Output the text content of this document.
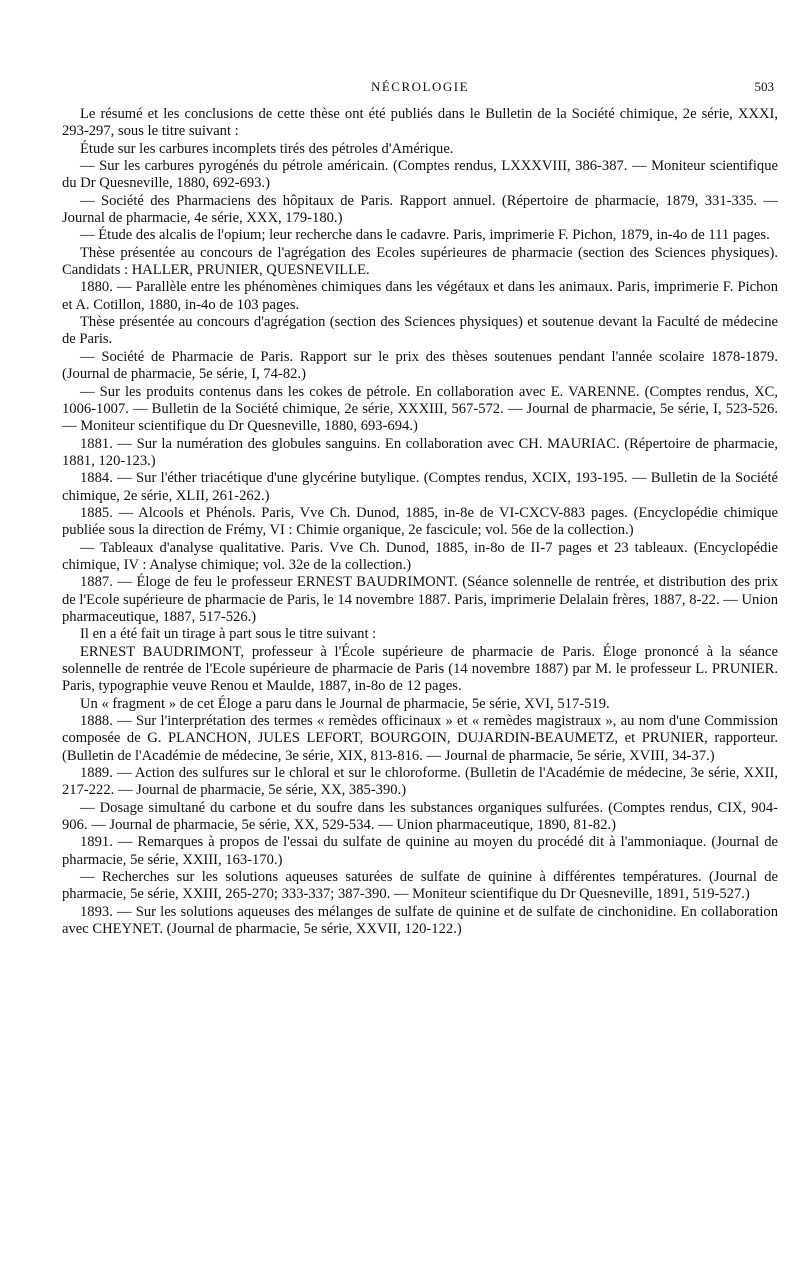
NÉCROLOGIE	503

Le résumé et les conclusions de cette thèse ont été publiés dans le Bulletin de la Société chimique, 2e série, XXXI, 293-297, sous le titre suivant :

Étude sur les carbures incomplets tirés des pétroles d'Amérique.

— Sur les carbures pyrogénés du pétrole américain. (Comptes rendus, LXXXVIII, 386-387. — Moniteur scientifique du Dr Quesneville, 1880, 692-693.)

— Société des Pharmaciens des hôpitaux de Paris. Rapport annuel. (Répertoire de pharmacie, 1879, 331-335. — Journal de pharmacie, 4e série, XXX, 179-180.)

— Étude des alcalis de l'opium; leur recherche dans le cadavre. Paris, imprimerie F. Pichon, 1879, in-4o de 111 pages.

Thèse présentée au concours de l'agrégation des Ecoles supérieures de pharmacie (section des Sciences physiques). Candidats : HALLER, PRUNIER, QUESNEVILLE.

1880. — Parallèle entre les phénomènes chimiques dans les végétaux et dans les animaux. Paris, imprimerie F. Pichon et A. Cotillon, 1880, in-4o de 103 pages.

Thèse présentée au concours d'agrégation (section des Sciences physiques) et soutenue devant la Faculté de médecine de Paris.

— Société de Pharmacie de Paris. Rapport sur le prix des thèses soutenues pendant l'année scolaire 1878-1879. (Journal de pharmacie, 5e série, I, 74-82.)

— Sur les produits contenus dans les cokes de pétrole. En collaboration avec E. VARENNE. (Comptes rendus, XC, 1006-1007. — Bulletin de la Société chimique, 2e série, XXXIII, 567-572. — Journal de pharmacie, 5e série, I, 523-526. — Moniteur scientifique du Dr Quesneville, 1880, 693-694.)

1881. — Sur la numération des globules sanguins. En collaboration avec CH. MAURIAC. (Répertoire de pharmacie, 1881, 120-123.)

1884. — Sur l'éther triacétique d'une glycérine butylique. (Comptes rendus, XCIX, 193-195. — Bulletin de la Société chimique, 2e série, XLII, 261-262.)

1885. — Alcools et Phénols. Paris, Vve Ch. Dunod, 1885, in-8e de VI-CXCV-883 pages. (Encyclopédie chimique publiée sous la direction de Frémy, VI : Chimie organique, 2e fascicule; vol. 56e de la collection.)

— Tableaux d'analyse qualitative. Paris. Vve Ch. Dunod, 1885, in-8o de II-7 pages et 23 tableaux. (Encyclopédie chimique, IV : Analyse chimique; vol. 32e de la collection.)

1887. — Éloge de feu le professeur ERNEST BAUDRIMONT. (Séance solennelle de rentrée, et distribution des prix de l'Ecole supérieure de pharmacie de Paris, le 14 novembre 1887. Paris, imprimerie Delalain frères, 1887, 8-22. — Union pharmaceutique, 1887, 517-526.)

Il en a été fait un tirage à part sous le titre suivant :

ERNEST BAUDRIMONT, professeur à l'École supérieure de pharmacie de Paris. Éloge prononcé à la séance solennelle de rentrée de l'Ecole supérieure de pharmacie de Paris (14 novembre 1887) par M. le professeur L. PRUNIER. Paris, typographie veuve Renou et Maulde, 1887, in-8o de 12 pages.

Un « fragment » de cet Éloge a paru dans le Journal de pharmacie, 5e série, XVI, 517-519.

1888. — Sur l'interprétation des termes « remèdes officinaux » et « remèdes magistraux », au nom d'une Commission composée de G. PLANCHON, JULES LEFORT, BOURGOIN, DUJARDIN-BEAUMETZ, et PRUNIER, rapporteur. (Bulletin de l'Académie de médecine, 3e série, XIX, 813-816. — Journal de pharmacie, 5e série, XVIII, 34-37.)

1889. — Action des sulfures sur le chloral et sur le chloroforme. (Bulletin de l'Académie de médecine, 3e série, XXII, 217-222. — Journal de pharmacie, 5e série, XX, 385-390.)

— Dosage simultané du carbone et du soufre dans les substances organiques sulfurées. (Comptes rendus, CIX, 904-906. — Journal de pharmacie, 5e série, XX, 529-534. — Union pharmaceutique, 1890, 81-82.)

1891. — Remarques à propos de l'essai du sulfate de quinine au moyen du procédé dit à l'ammoniaque. (Journal de pharmacie, 5e série, XXIII, 163-170.)

— Recherches sur les solutions aqueuses saturées de sulfate de quinine à différentes températures. (Journal de pharmacie, 5e série, XXIII, 265-270; 333-337; 387-390. — Moniteur scientifique du Dr Quesneville, 1891, 519-527.)

1893. — Sur les solutions aqueuses des mélanges de sulfate de quinine et de sulfate de cinchonidine. En collaboration avec CHEYNET. (Journal de pharmacie, 5e série, XXVII, 120-122.)
